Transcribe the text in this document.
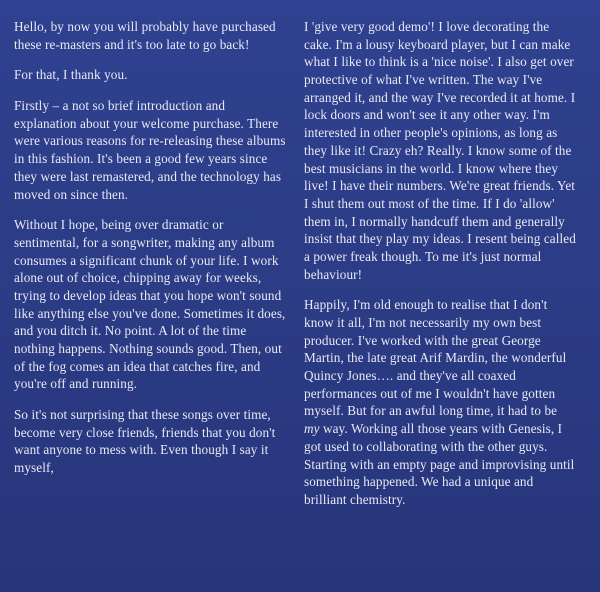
Hello, by now you will probably have purchased these re-masters and it's too late to go back!

For that, I thank you.

Firstly – a not so brief introduction and explanation about your welcome purchase. There were various reasons for re-releasing these albums in this fashion. It's been a good few years since they were last remastered, and the technology has moved on since then.

Without I hope, being over dramatic or sentimental, for a songwriter, making any album consumes a significant chunk of your life. I work alone out of choice, chipping away for weeks, trying to develop ideas that you hope won't sound like anything else you've done. Sometimes it does, and you ditch it. No point. A lot of the time nothing happens. Nothing sounds good. Then, out of the fog comes an idea that catches fire, and you're off and running.

So it's not surprising that these songs over time, become very close friends, friends that you don't want anyone to mess with. Even though I say it myself,

I 'give very good demo'! I love decorating the cake. I'm a lousy keyboard player, but I can make what I like to think is a 'nice noise'. I also get over protective of what I've written. The way I've arranged it, and the way I've recorded it at home. I lock doors and won't see it any other way. I'm interested in other people's opinions, as long as they like it! Crazy eh? Really. I know some of the best musicians in the world. I know where they live! I have their numbers. We're great friends. Yet I shut them out most of the time. If I do 'allow' them in, I normally handcuff them and generally insist that they play my ideas. I resent being called a power freak though. To me it's just normal behaviour!

Happily, I'm old enough to realise that I don't know it all, I'm not necessarily my own best producer. I've worked with the great George Martin, the late great Arif Mardin, the wonderful Quincy Jones…. and they've all coaxed performances out of me I wouldn't have gotten myself. But for an awful long time, it had to be my way. Working all those years with Genesis, I got used to collaborating with the other guys. Starting with an empty page and improvising until something happened. We had a unique and brilliant chemistry.
